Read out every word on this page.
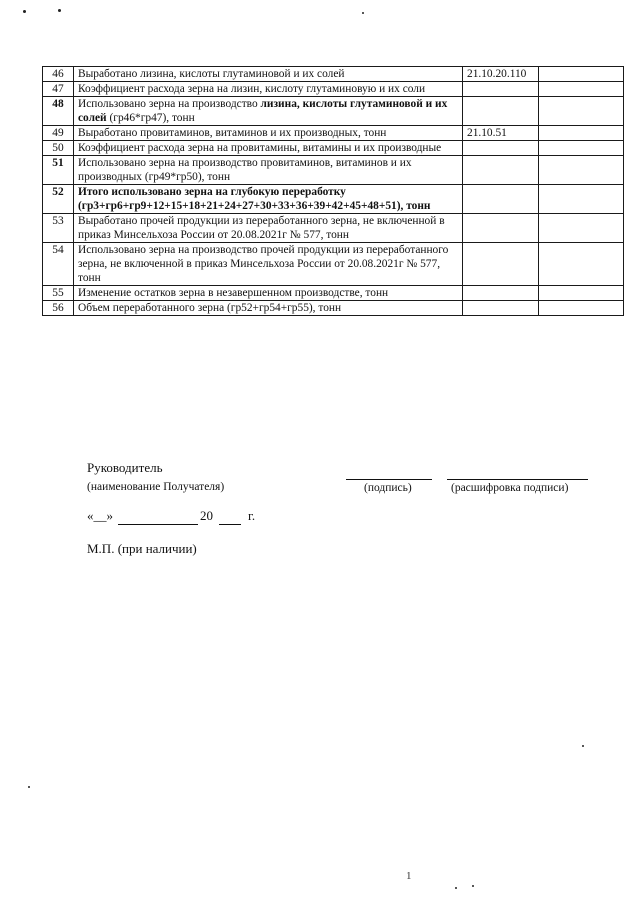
46	Выработано лизина, кислоты глутаминовой и их солей	21.10.20.110	
47	Коэффициент расхода зерна на лизин, кислоту глутаминовую и их соли		
48	Использовано зерна на производство лизина, кислоты глутаминовой и их солей (гр46*гр47), тонн		
49	Выработано провитаминов, витаминов и их производных, тонн	21.10.51	
50	Коэффициент расхода зерна на провитамины, витамины и их производные		
51	Использовано зерна на производство провитаминов, витаминов и их производных (гр49*гр50), тонн		
52	Итого использовано зерна на глубокую переработку (гр3+гр6+гр9+12+15+18+21+24+27+30+33+36+39+42+45+48+51), тонн		
53	Выработано прочей продукции из переработанного зерна, не включенной в приказ Минсельхоза России от 20.08.2021г № 577, тонн		
54	Использовано зерна на производство прочей продукции из переработанного зерна, не включенной в приказ Минсельхоза России от 20.08.2021г № 577, тонн		
55	Изменение остатков зерна в незавершенном производстве, тонн		
56	Объем переработанного зерна (гр52+гр54+гр55), тонн		
Руководитель
(наименование Получателя)	(подпись)	(расшифровка подписи)
«__»	20	г.
М.П. (при наличии)
1
